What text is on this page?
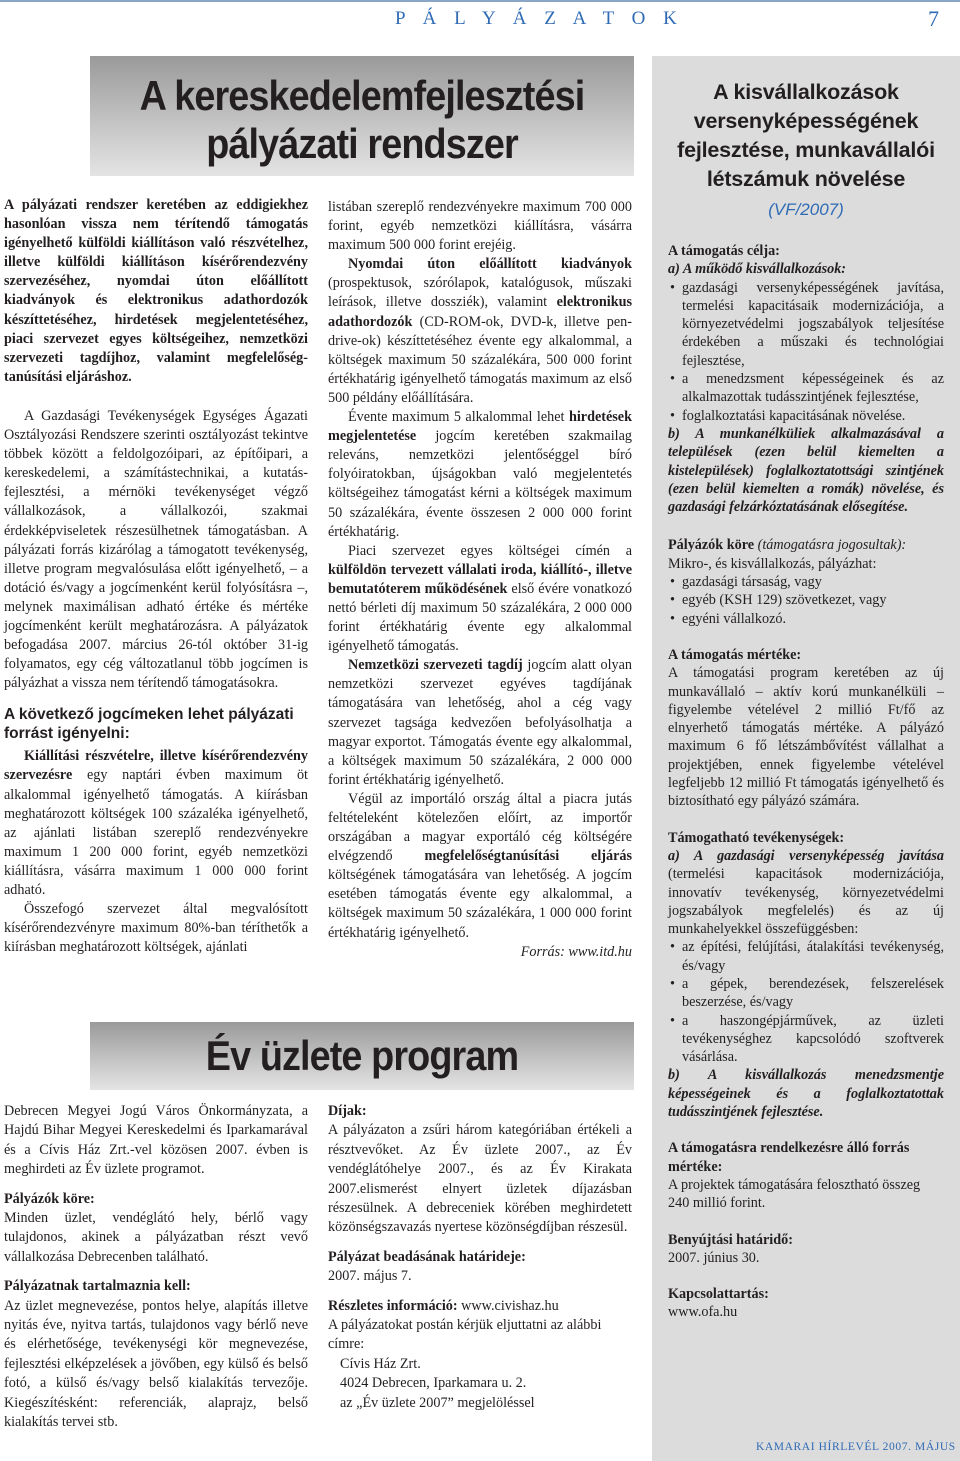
P Á L Y Á Z A T O K	7
A kereskedelemfejlesztési
pályázati rendszer

A pályázati rendszer keretében az eddigiekhez hasonlóan vissza nem térítendő támogatás igényelhető külföldi kiállításon való részvételhez, illetve külföldi kiállításon kísérőrendezvény szervezéséhez, nyomdai úton előállított kiadványok és elektronikus adathordozók készíttetéséhez, hirdetések megjelentetéséhez, piaci szervezet egyes költségeihez, nemzetközi szervezeti tagdíjhoz, valamint megfelelőség-tanúsítási eljáráshoz.

A Gazdasági Tevékenységek Egységes Ágazati Osztályozási Rendszere szerinti osztályozást tekintve többek között a feldolgozóipari, az építőipari, a kereskedelemi, a számítástechnikai, a kutatás-fejlesztési, a mérnöki tevékenységet végző vállalkozások, a vállalkozói, szakmai érdekképviseletek részesülhetnek támogatásban. A pályázati forrás kizárólag a támogatott tevékenység, illetve program megvalósulása előtt igényelhető, – a dotáció és/vagy a jogcímenként kerül folyósításra –, melynek maximálisan adható értéke és mértéke jogcímenként került meghatározásra. A pályázatok befogadása 2007. március 26-tól október 31-ig folyamatos, egy cég változatlanul több jogcímen is pályázhat a vissza nem térítendő támogatásokra.

A következő jogcímeken lehet pályázati forrást igényelni:

Kiállítási részvételre, illetve kísérőrendezvény szervezésre egy naptári évben maximum öt alkalommal igényelhető támogatás. A kiírásban meghatározott költségek 100 százaléka igényelhető, az ajánlati listában szereplő rendezvényekre maximum 1 200 000 forint, egyéb nemzetközi kiállításra, vásárra maximum 1 000 000 forint adható.

Összefogó szervezet által megvalósított kísérőrendezvényre maximum 80%-ban téríthetők a kiírásban meghatározott költségek, ajánlati

listában szereplő rendezvényekre maximum 700 000 forint, egyéb nemzetközi kiállításra, vásárra maximum 500 000 forint erejéig.

Nyomdai úton előállított kiadványok (prospektusok, szórólapok, katalógusok, műszaki leírások, illetve dossziék), valamint elektronikus adathordozók (CD-ROM-ok, DVD-k, illetve pen-drive-ok) készíttetéséhez évente egy alkalommal, a költségek maximum 50 százalékára, 500 000 forint értékhatárig igényelhető támogatás maximum az első 500 példány előállítására.

Évente maximum 5 alkalommal lehet hirdetések megjelentetése jogcím keretében szakmailag releváns, nemzetközi jelentőséggel bíró folyóiratokban, újságokban való megjelentetés költségeihez támogatást kérni a költségek maximum 50 százalékára, évente összesen 2 000 000 forint értékhatárig.

Piaci szervezet egyes költségei címén a külföldön tervezett vállalati iroda, kiállító-, illetve bemutatóterem működésének első évére vonatkozó nettó bérleti díj maximum 50 százalékára, 2 000 000 forint értékhatárig évente egy alkalommal igényelhető támogatás.

Nemzetközi szervezeti tagdíj jogcím alatt olyan nemzetközi szervezet egyéves tagdíjának támogatására van lehetőség, ahol a cég vagy szervezet tagsága kedvezően befolyásolhatja a magyar exportot. Támogatás évente egy alkalommal, a költségek maximum 50 százalékára, 2 000 000 forint értékhatárig igényelhető.

Végül az importáló ország által a piacra jutás feltételeként kötelezően előírt, az importőr országában a magyar exportáló cég költségére elvégzendő megfelelőségtanúsítási eljárás költségének támogatására van lehetőség. A jogcím esetében támogatás évente egy alkalommal, a költségek maximum 50 százalékára, 1 000 000 forint értékhatárig igényelhető.

Forrás: www.itd.hu

Év üzlete program

Debrecen Megyei Jogú Város Önkormányzata, a Hajdú Bihar Megyei Kereskedelmi és Iparkamarával és a Cívis Ház Zrt.-vel közösen 2007. évben is meghirdeti az Év üzlete programot.

Pályázók köre:

Minden üzlet, vendéglátó hely, bérlő vagy tulajdonos, akinek a pályázatban részt vevő vállalkozása Debrecenben található.

Pályázatnak tartalmaznia kell:

Az üzlet megnevezése, pontos helye, alapítás illetve nyitás éve, nyitva tartás, tulajdonos vagy bérlő neve és elérhetősége, tevékenységi kör megnevezése, fejlesztési elképzelések a jövőben, egy külső és belső fotó, a külső és/vagy belső kialakítás tervezője. Kiegészítésként: referenciák, alaprajz, belső kialakítás tervei stb.

Díjak:

A pályázaton a zsűri három kategóriában értékeli a résztvevőket. Az Év üzlete 2007., az Év vendéglátóhelye 2007., és az Év Kirakata 2007.elismerést elnyert üzletek díjazásban részesülnek. A debreceniek körében meghirdetett közönségszavazás nyertese közönségdíjban részesül.

Pályázat beadásának határideje:

2007. május 7.

Részletes információ: www.civishaz.hu

A pályázatokat postán kérjük eljuttatni az alábbi címre:

Cívis Ház Zrt.

4024 Debrecen, Iparkamara u. 2.

az „Év üzlete 2007” megjelöléssel

A kisvállalkozások versenyképességének fejlesztése, munkavállalói létszámuk növelése
(VF/2007)

A támogatás célja:

a) A működő kisvállalkozások:

• gazdasági versenyképességének javítása, termelési kapacitásaik modernizációja, a környezetvédelmi jogszabályok teljesítése érdekében a műszaki és technológiai fejlesztése,
• a menedzsment képességeinek és az alkalmazottak tudásszintjének fejlesztése,
• foglalkoztatási kapacitásának növelése.

b) A munkanélküliek alkalmazásával a települések (ezen belül kiemelten a kistelepülések) foglalkoztatottsági szintjének (ezen belül kiemelten a romák) növelése, és gazdasági felzárkóztatásának elősegítése.

Pályázók köre (támogatásra jogosultak):

Mikro-, és kisvállalkozás, pályázhat:

• gazdasági társaság, vagy
• egyéb (KSH 129) szövetkezet, vagy
• egyéni vállalkozó.

A támogatás mértéke:

A támogatási program keretében az új munkavállaló – aktív korú munkanélküli – figyelembe vételével 2 millió Ft/fő az elnyerhető támogatás mértéke. A pályázó maximum 6 fő létszámbővítést vállalhat a projektjében, ennek figyelembe vételével legfeljebb 12 millió Ft támogatás igényelhető és biztosítható egy pályázó számára.

Támogatható tevékenységek:

a) A gazdasági versenyképesség javítása (termelési kapacitások modernizációja, innovatív tevékenység, környezetvédelmi jogszabályok megfelelés) és az új munkahelyekkel összefüggésben:

• az építési, felújítási, átalakítási tevékenység, és/vagy
• a gépek, berendezések, felszerelések beszerzése, és/vagy
• a haszongépjárművek, az üzleti tevékenységhez kapcsolódó szoftverek vásárlása.

b) A kisvállalkozás menedzsmentje képességeinek és a foglalkoztatottak tudásszintjének fejlesztése.

A támogatásra rendelkezésre álló forrás mértéke:

A projektek támogatására felosztható összeg 240 millió forint.

Benyújtási határidő:

2007. június 30.

Kapcsolattartás:

www.ofa.hu

KAMARAI HÍRLEVÉL 2007. MÁJUS
